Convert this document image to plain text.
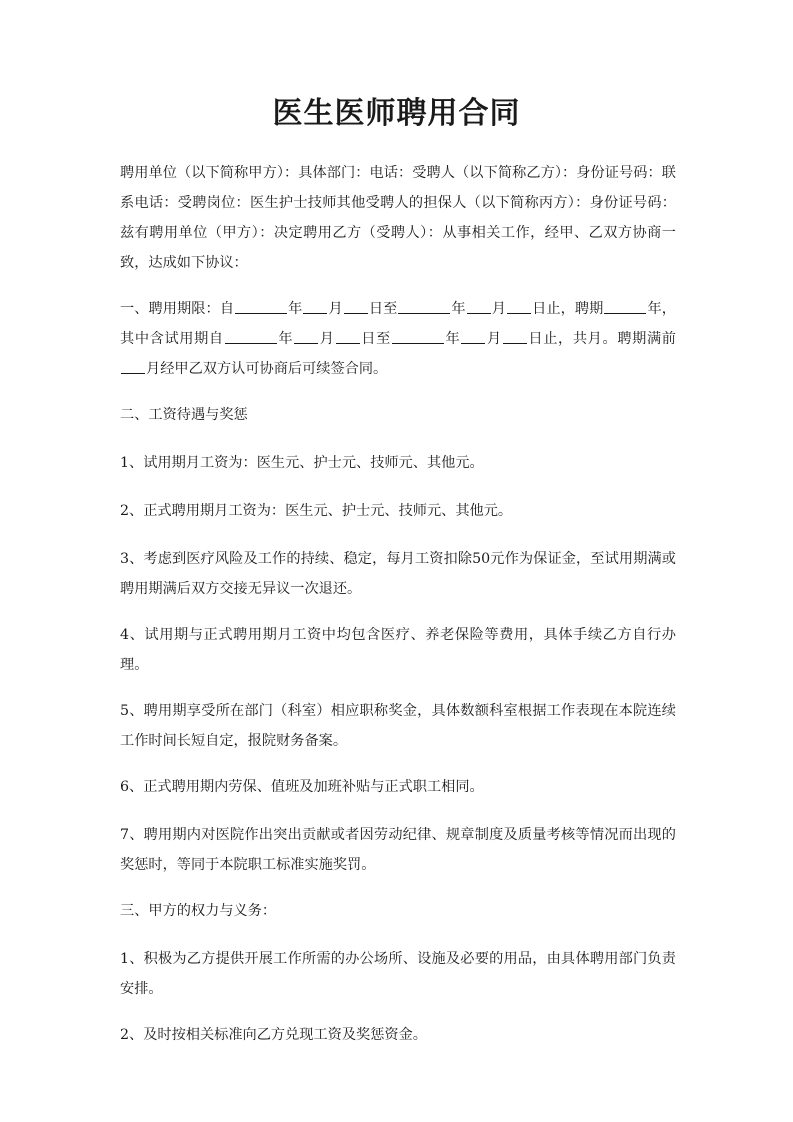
医生医师聘用合同

聘用单位（以下简称甲方）：具体部门：电话：受聘人（以下简称乙方）：身份证号码：联系电话：受聘岗位：医生护士技师其他受聘人的担保人（以下简称丙方）：身份证号码：兹有聘用单位（甲方）：决定聘用乙方（受聘人）：从事相关工作，经甲、乙双方协商一致，达成如下协议：

一、聘用期限：自	年 月 日至	年 月 日止，聘期	年，其中含试用期自	年 月 日至	年 月 日止，共月。聘期满前月经甲乙双方认可协商后可续签合同。

二、工资待遇与奖惩

1、试用期月工资为：医生元、护士元、技师元、其他元。

2、正式聘用期月工资为：医生元、护士元、技师元、其他元。

3、考虑到医疗风险及工作的持续、稳定，每月工资扣除50元作为保证金，至试用期满或聘用期满后双方交接无异议一次退还。

4、试用期与正式聘用期月工资中均包含医疗、养老保险等费用，具体手续乙方自行办理。

5、聘用期享受所在部门（科室）相应职称奖金，具体数额科室根据工作表现在本院连续工作时间长短自定，报院财务备案。

6、正式聘用期内劳保、值班及加班补贴与正式职工相同。

7、聘用期内对医院作出突出贡献或者因劳动纪律、规章制度及质量考核等情况而出现的奖惩时，等同于本院职工标准实施奖罚。

三、甲方的权力与义务：

1、积极为乙方提供开展工作所需的办公场所、设施及必要的用品，由具体聘用部门负责安排。

2、及时按相关标准向乙方兑现工资及奖惩资金。
